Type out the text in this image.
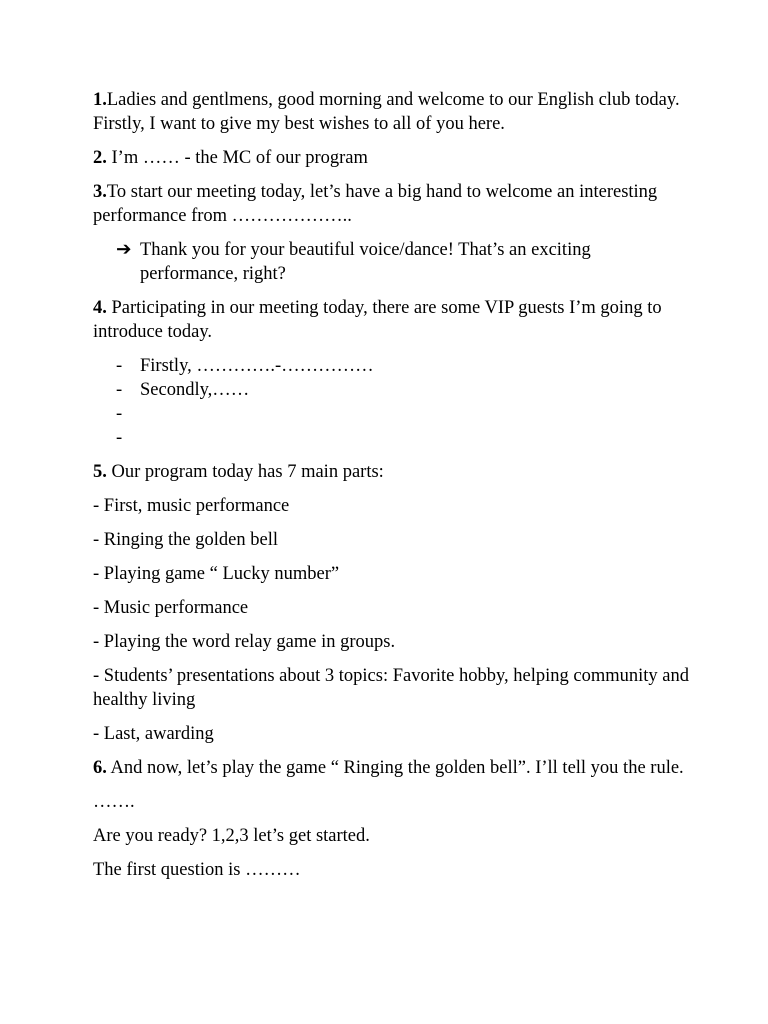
1.Ladies and gentlmens, good morning and welcome to our English club today. Firstly, I want to give my best wishes to all of you here.

2. I’m …… - the MC of our program

3.To start our meeting today, let’s have a big hand to welcome an interesting performance from ………………..

➔ Thank you for your beautiful voice/dance! That’s an exciting performance, right?

4. Participating in our meeting today, there are some VIP guests I’m going to introduce today.

- Firstly, ………….-……………
- Secondly,……
-
-

5. Our program today has 7 main parts:

- First, music performance

- Ringing the golden bell

- Playing game “ Lucky number”

- Music performance

- Playing the word relay game in groups.

- Students’ presentations about 3 topics: Favorite hobby, helping community and healthy living

- Last, awarding

6. And now, let’s play the game “ Ringing the golden bell”. I’ll tell you the rule.

…….

Are you ready? 1,2,3 let’s get started.

The first question is ………
